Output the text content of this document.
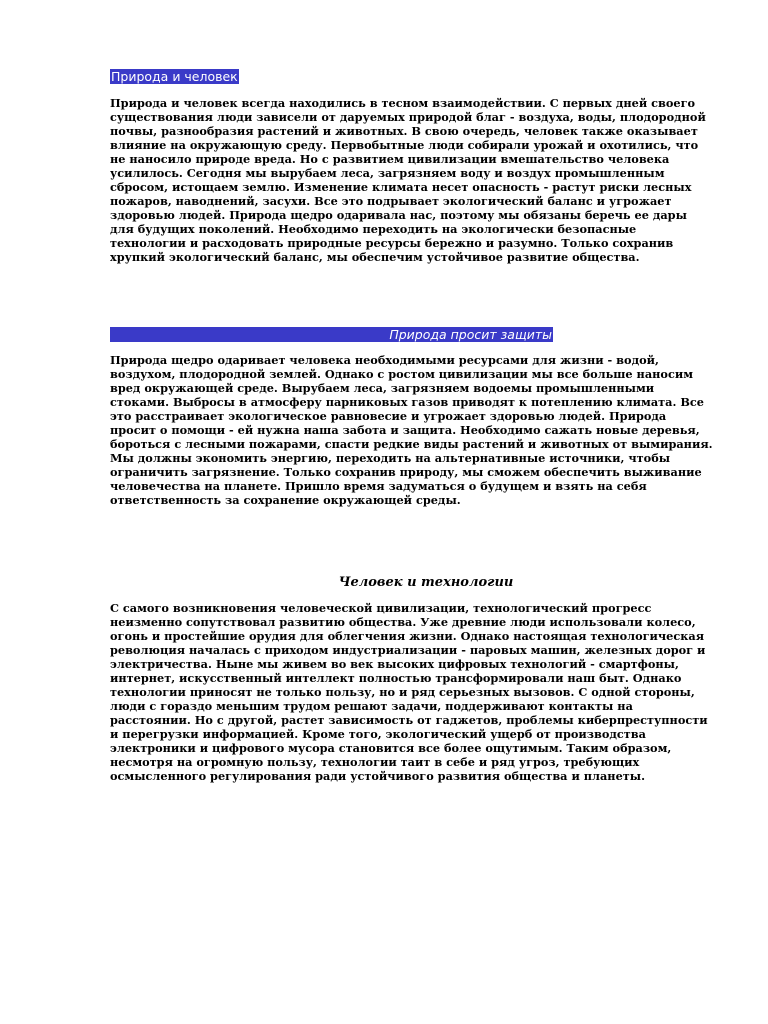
Природа и человек

Природа и человек всегда находились в тесном взаимодействии. С первых дней своего существования люди зависели от даруемых природой благ - воздуха, воды, плодородной почвы, разнообразия растений и животных. В свою очередь, человек также оказывает влияние на окружающую среду. Первобытные люди собирали урожай и охотились, что не наносило природе вреда. Но с развитием цивилизации вмешательство человека усилилось. Сегодня мы вырубаем леса, загрязняем воду и воздух промышленным сбросом, истощаем землю. Изменение климата несет опасность - растут риски лесных пожаров, наводнений, засухи. Все это подрывает экологический баланс и угрожает здоровью людей. Природа щедро одаривала нас, поэтому мы обязаны беречь ее дары для будущих поколений. Необходимо переходить на экологически безопасные технологии и расходовать природные ресурсы бережно и разумно. Только сохранив хрупкий экологический баланс, мы обеспечим устойчивое развитие общества.

Природа просит защиты

Природа щедро одаривает человека необходимыми ресурсами для жизни - водой, воздухом, плодородной землей. Однако с ростом цивилизации мы все больше наносим вред окружающей среде. Вырубаем леса, загрязняем водоемы промышленными стоками. Выбросы в атмосферу парниковых газов приводят к потеплению климата. Все это расстраивает экологическое равновесие и угрожает здоровью людей. Природа просит о помощи - ей нужна наша забота и защита. Необходимо сажать новые деревья, бороться с лесными пожарами, спасти редкие виды растений и животных от вымирания. Мы должны экономить энергию, переходить на альтернативные источники, чтобы ограничить загрязнение. Только сохранив природу, мы сможем обеспечить выживание человечества на планете. Пришло время задуматься о будущем и взять на себя ответственность за сохранение окружающей среды.

Человек и технологии

С самого возникновения человеческой цивилизации, технологический прогресс неизменно сопутствовал развитию общества. Уже древние люди использовали колесо, огонь и простейшие орудия для облегчения жизни. Однако настоящая технологическая революция началась с приходом индустриализации - паровых машин, железных дорог и электричества. Ныне мы живем во век высоких цифровых технологий - смартфоны, интернет, искусственный интеллект полностью трансформировали наш быт. Однако технологии приносят не только пользу, но и ряд серьезных вызовов. С одной стороны, люди с гораздо меньшим трудом решают задачи, поддерживают контакты на расстоянии. Но с другой, растет зависимость от гаджетов, проблемы киберпреступности и перегрузки информацией. Кроме того, экологический ущерб от производства электроники и цифрового мусора становится все более ощутимым. Таким образом, несмотря на огромную пользу, технологии таит в себе и ряд угроз, требующих осмысленного регулирования ради устойчивого развития общества и планеты.
